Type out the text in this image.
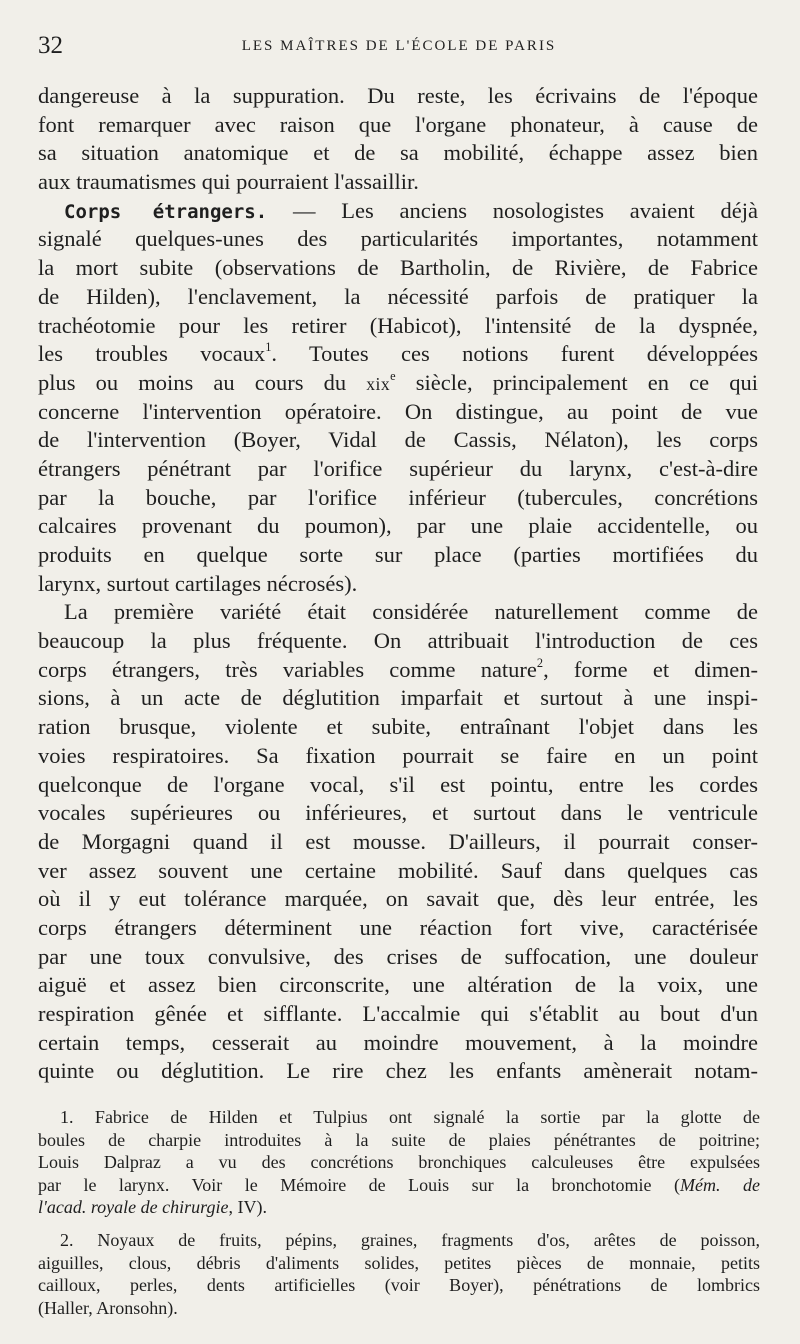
32	LES MAÎTRES DE L'ÉCOLE DE PARIS
dangereuse à la suppuration. Du reste, les écrivains de l'époque
font remarquer avec raison que l'organe phonateur, à cause de
sa situation anatomique et de sa mobilité, échappe assez bien
aux traumatismes qui pourraient l'assaillir.
Corps étrangers. — Les anciens nosologistes avaient déjà
signalé quelques-unes des particularités importantes, notamment
la mort subite (observations de Bartholin, de Rivière, de Fabrice
de Hilden), l'enclavement, la nécessité parfois de pratiquer la
trachéotomie pour les retirer (Habicot), l'intensité de la dyspnée,
les troubles vocaux$^1$. Toutes ces notions furent développées
plus ou moins au cours du xix$^e$ siècle, principalement en ce qui
concerne l'intervention opératoire. On distingue, au point de vue
de l'intervention (Boyer, Vidal de Cassis, Nélaton), les corps
étrangers pénétrant par l'orifice supérieur du larynx, c'est-à-dire
par la bouche, par l'orifice inférieur (tubercules, concrétions
calcaires provenant du poumon), par une plaie accidentelle, ou
produits en quelque sorte sur place (parties mortifiées du
larynx, surtout cartilages nécrosés).
La première variété était considérée naturellement comme de
beaucoup la plus fréquente. On attribuait l'introduction de ces
corps étrangers, très variables comme nature$^2$, forme et dimen-
sions, à un acte de déglutition imparfait et surtout à une inspi-
ration brusque, violente et subite, entraînant l'objet dans les
voies respiratoires. Sa fixation pourrait se faire en un point
quelconque de l'organe vocal, s'il est pointu, entre les cordes
vocales supérieures ou inférieures, et surtout dans le ventricule
de Morgagni quand il est mousse. D'ailleurs, il pourrait conser-
ver assez souvent une certaine mobilité. Sauf dans quelques cas
où il y eut tolérance marquée, on savait que, dès leur entrée, les
corps étrangers déterminent une réaction fort vive, caractérisée
par une toux convulsive, des crises de suffocation, une douleur
aiguë et assez bien circonscrite, une altération de la voix, une
respiration gênée et sifflante. L'accalmie qui s'établit au bout d'un
certain temps, cesserait au moindre mouvement, à la moindre
quinte ou déglutition. Le rire chez les enfants amènerait notam-
1. Fabrice de Hilden et Tulpius ont signalé la sortie par la glotte de
boules de charpie introduites à la suite de plaies pénétrantes de poitrine;
Louis Dalpraz a vu des concrétions bronchiques calculeuses être expulsées
par le larynx. Voir le Mémoire de Louis sur la bronchotomie (Mém. de
l'acad. royale de chirurgie, IV).
2. Noyaux de fruits, pépins, graines, fragments d'os, arêtes de poisson,
aiguilles, clous, débris d'aliments solides, petites pièces de monnaie, petits
cailloux, perles, dents artificielles (voir Boyer), pénétrations de lombrics
(Haller, Aronsohn).
